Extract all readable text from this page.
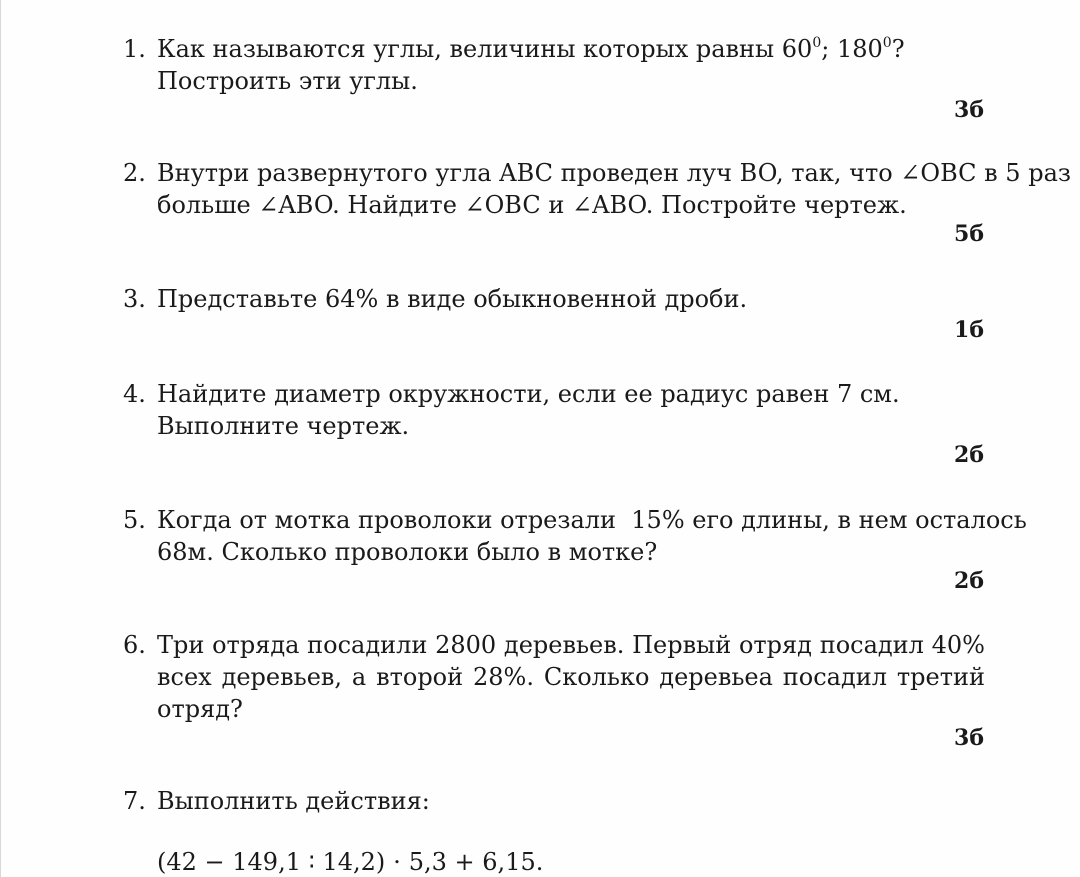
1. Как называются углы, величины которых равны $60^0$; $180^0$?
Построить эти углы.
3б
2. Внутри развернутого угла ABC проведен луч BO, так, что ∠OBC в 5 раз
больше ∠ABO. Найдите ∠OBC и ∠ABO. Постройте чертеж.
5б
3. Представьте 64% в виде обыкновенной дроби.
1б
4. Найдите диаметр окружности, если ее радиус равен 7 см.
Выполните чертеж.
2б
5. Когда от мотка проволоки отрезали  15% его длины, в нем осталось
68м. Сколько проволоки было в мотке?
2б
6. Три отряда посадили 2800 деревьев. Первый отряд посадил 40%
всех деревьев, а второй 28%. Сколько деревьеа посадил третий
отряд?
3б
7. Выполнить действия:
(42 − 149,1 ∶ 14,2) ⋅ 5,3 + 6,15.
